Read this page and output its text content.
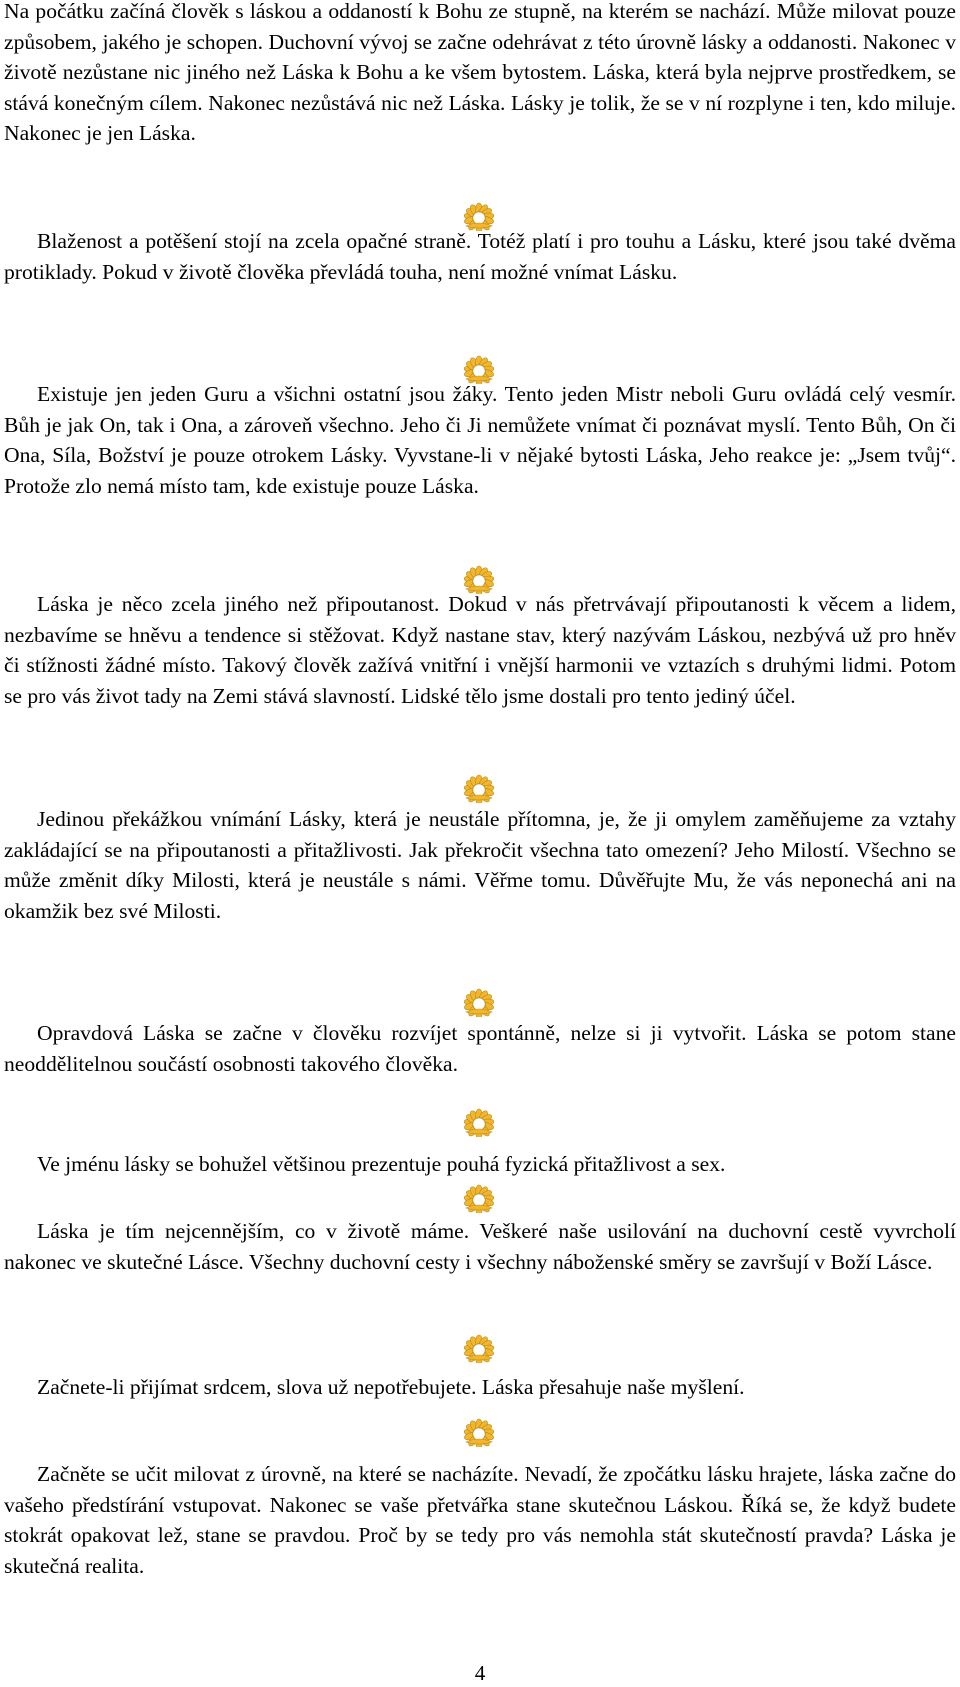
Na počátku začíná člověk s láskou a oddaností k Bohu ze stupně, na kterém se nachází. Může milovat pouze způsobem, jakého je schopen. Duchovní vývoj se začne odehrávat z této úrovně lásky a oddanosti. Nakonec v životě nezůstane nic jiného než Láska k Bohu a ke všem bytostem. Láska, která byla nejprve prostředkem, se stává konečným cílem. Nakonec nezůstává nic než Láska. Lásky je tolik, že se v ní rozplyne i ten, kdo miluje. Nakonec je jen Láska.

Blaženost a potěšení stojí na zcela opačné straně. Totéž platí i pro touhu a Lásku, které jsou také dvěma protiklady. Pokud v životě člověka převládá touha, není možné vnímat Lásku.

Existuje jen jeden Guru a všichni ostatní jsou žáky. Tento jeden Mistr neboli Guru ovládá celý vesmír. Bůh je jak On, tak i Ona, a zároveň všechno. Jeho či Ji nemůžete vnímat či poznávat myslí. Tento Bůh, On či Ona, Síla, Božství je pouze otrokem Lásky. Vyvstane-li v nějaké bytosti Láska, Jeho reakce je: „Jsem tvůj“. Protože zlo nemá místo tam, kde existuje pouze Láska.

Láska je něco zcela jiného než připoutanost. Dokud v nás přetrvávají připoutanosti k věcem a lidem, nezbavíme se hněvu a tendence si stěžovat. Když nastane stav, který nazývám Láskou, nezbývá už pro hněv či stížnosti žádné místo. Takový člověk zažívá vnitřní i vnější harmonii ve vztazích s druhými lidmi. Potom se pro vás život tady na Zemi stává slavností. Lidské tělo jsme dostali pro tento jediný účel.

Jedinou překážkou vnímání Lásky, která je neustále přítomna, je, že ji omylem zaměňujeme za vztahy zakládající se na připoutanosti a přitažlivosti. Jak překročit všechna tato omezení? Jeho Milostí. Všechno se může změnit díky Milosti, která je neustále s námi. Věřme tomu. Důvěřujte Mu, že vás neponechá ani na okamžik bez své Milosti.

Opravdová Láska se začne v člověku rozvíjet spontánně, nelze si ji vytvořit. Láska se potom stane neoddělitelnou součástí osobnosti takového člověka.

Ve jménu lásky se bohužel většinou prezentuje pouhá fyzická přitažlivost a sex.

Láska je tím nejcennějším, co v životě máme. Veškeré naše usilování na duchovní cestě vyvrcholí nakonec ve skutečné Lásce. Všechny duchovní cesty i všechny náboženské směry se završují v Boží Lásce.

Začnete-li přijímat srdcem, slova už nepotřebujete. Láska přesahuje naše myšlení.

Začněte se učit milovat z úrovně, na které se nacházíte. Nevadí, že zpočátku lásku hrajete, láska začne do vašeho předstírání vstupovat. Nakonec se vaše přetvářka stane skutečnou Láskou. Říká se, že když budete stokrát opakovat lež, stane se pravdou. Proč by se tedy pro vás nemohla stát skutečností pravda? Láska je skutečná realita.

4
